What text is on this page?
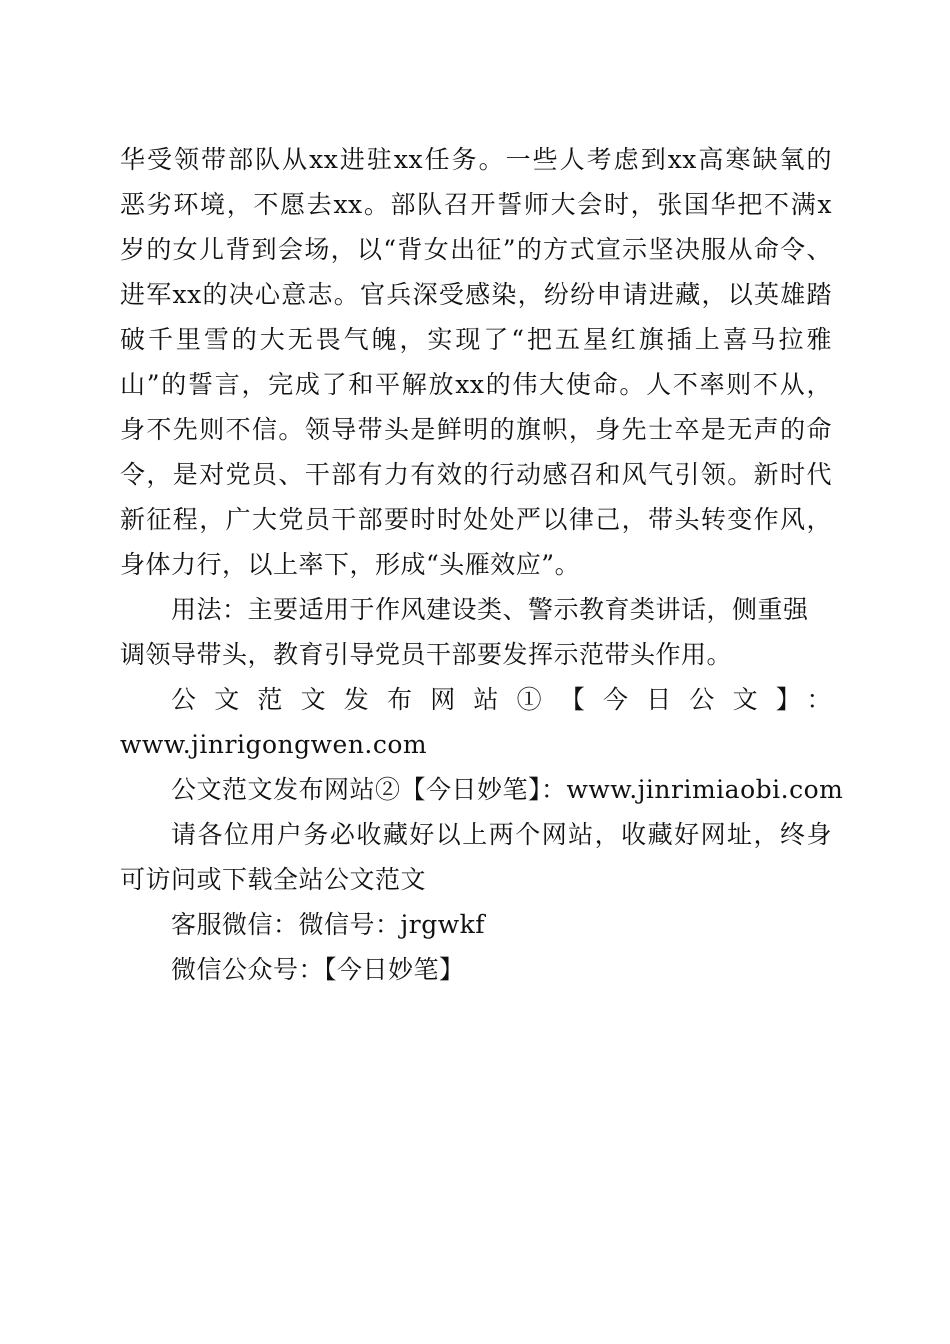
华受领带部队从xx进驻xx任务。一些人考虑到xx高寒缺氧的
恶劣环境，不愿去xx。部队召开誓师大会时，张国华把不满x
岁的女儿背到会场，以“背女出征”的方式宣示坚决服从命令、
进军xx的决心意志。官兵深受感染，纷纷申请进藏，以英雄踏
破千里雪的大无畏气魄，实现了“把五星红旗插上喜马拉雅
山”的誓言，完成了和平解放xx的伟大使命。人不率则不从，
身不先则不信。领导带头是鲜明的旗帜，身先士卒是无声的命
令，是对党员、干部有力有效的行动感召和风气引领。新时代
新征程，广大党员干部要时时处处严以律己，带头转变作风，
身体力行，以上率下，形成“头雁效应”。
用法：主要适用于作风建设类、警示教育类讲话，侧重强
调领导带头，教育引导党员干部要发挥示范带头作用。
公文范文发布网站①【今日公文】：
www.jinrigongwen.com
公文范文发布网站②【今日妙笔】：www.jinrimiaobi.com
请各位用户务必收藏好以上两个网站，收藏好网址，终身
可访问或下载全站公文范文
客服微信：微信号：jrgwkf
微信公众号：【今日妙笔】
